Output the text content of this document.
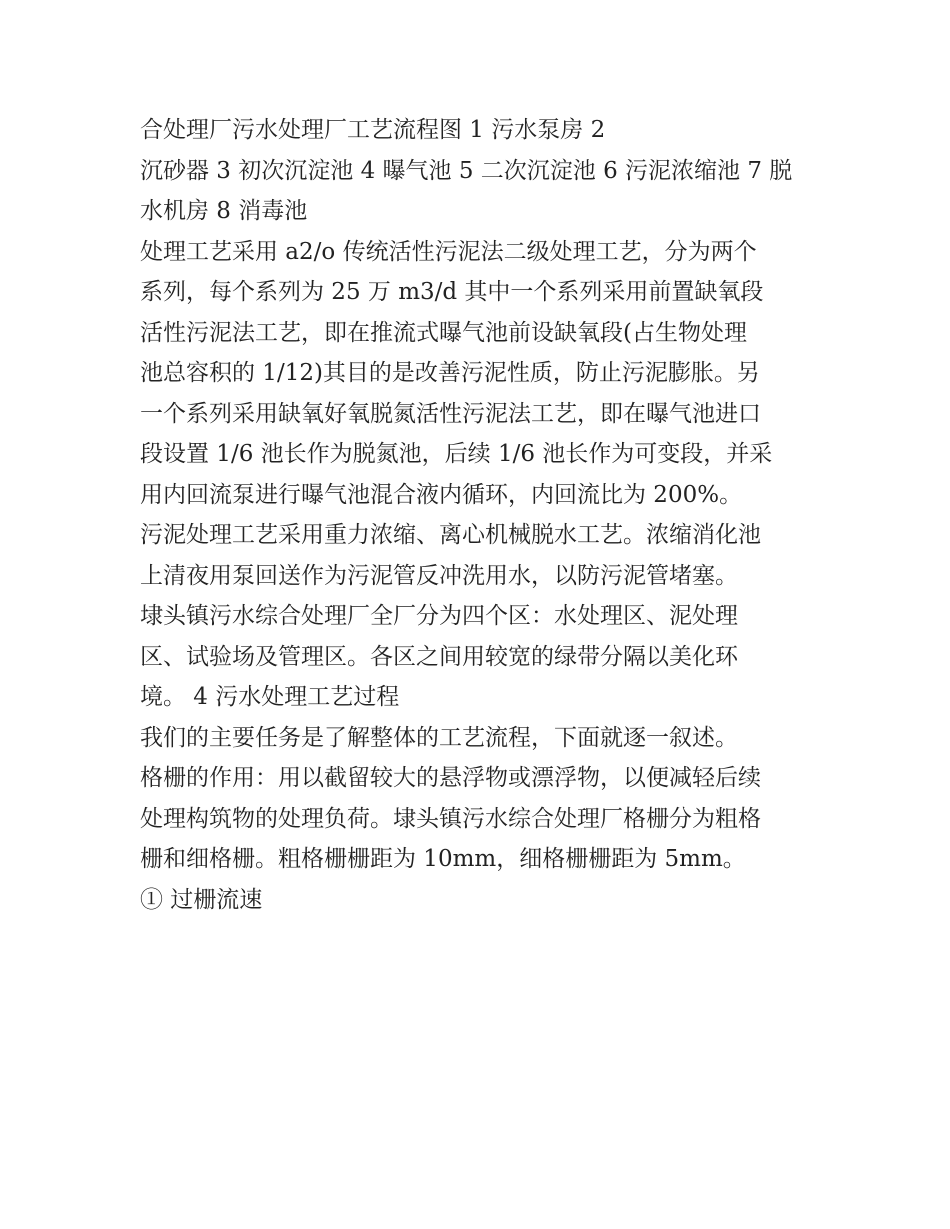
合处理厂污水处理厂工艺流程图 1 污水泵房 2
沉砂器 3 初次沉淀池 4 曝气池 5 二次沉淀池 6 污泥浓缩池 7 脱
水机房 8 消毒池
处理工艺采用 a2/o 传统活性污泥法二级处理工艺，分为两个
系列，每个系列为 25 万 m3/d 其中一个系列采用前置缺氧段
活性污泥法工艺，即在推流式曝气池前设缺氧段(占生物处理
池总容积的 1/12)其目的是改善污泥性质，防止污泥膨胀。另
一个系列采用缺氧好氧脱氮活性污泥法工艺，即在曝气池进口
段设置 1/6 池长作为脱氮池，后续 1/6 池长作为可变段，并采
用内回流泵进行曝气池混合液内循环，内回流比为 200%。
污泥处理工艺采用重力浓缩、离心机械脱水工艺。浓缩消化池
上清夜用泵回送作为污泥管反冲洗用水，以防污泥管堵塞。
埭头镇污水综合处理厂全厂分为四个区：水处理区、泥处理
区、试验场及管理区。各区之间用较宽的绿带分隔以美化环
境。 4 污水处理工艺过程
我们的主要任务是了解整体的工艺流程，下面就逐一叙述。
格栅的作用：用以截留较大的悬浮物或漂浮物，以便减轻后续
处理构筑物的处理负荷。埭头镇污水综合处理厂格栅分为粗格
栅和细格栅。粗格栅栅距为 10mm，细格栅栅距为 5mm。
① 过栅流速
